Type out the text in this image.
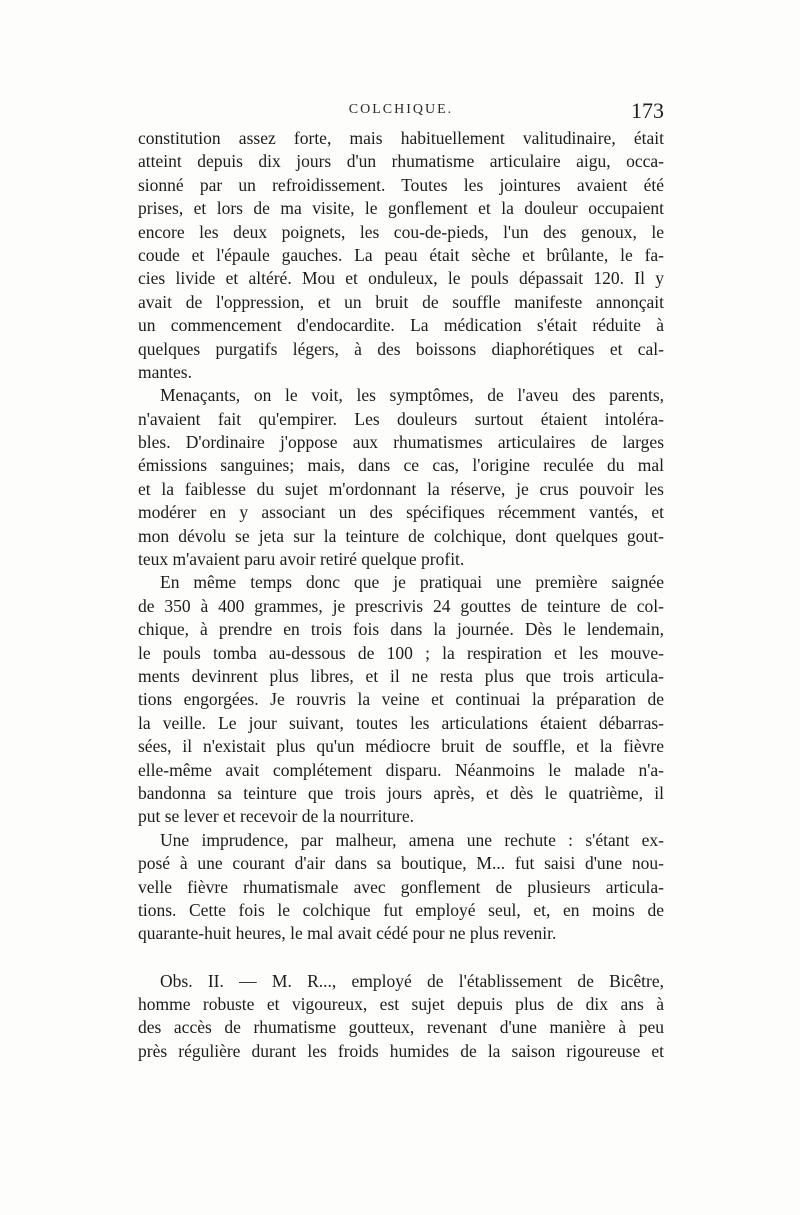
COLCHIQUE.	173
constitution assez forte, mais habituellement valitudinaire, était
atteint depuis dix jours d'un rhumatisme articulaire aigu, occa-
sionné par un refroidissement. Toutes les jointures avaient été
prises, et lors de ma visite, le gonflement et la douleur occupaient
encore les deux poignets, les cou-de-pieds, l'un des genoux, le
coude et l'épaule gauches. La peau était sèche et brûlante, le fa-
cies livide et altéré. Mou et onduleux, le pouls dépassait 120. Il y
avait de l'oppression, et un bruit de souffle manifeste annonçait
un commencement d'endocardite. La médication s'était réduite à
quelques purgatifs légers, à des boissons diaphorétiques et cal-
mantes.
Menaçants, on le voit, les symptômes, de l'aveu des parents,
n'avaient fait qu'empirer. Les douleurs surtout étaient intoléra-
bles. D'ordinaire j'oppose aux rhumatismes articulaires de larges
émissions sanguines; mais, dans ce cas, l'origine reculée du mal
et la faiblesse du sujet m'ordonnant la réserve, je crus pouvoir les
modérer en y associant un des spécifiques récemment vantés, et
mon dévolu se jeta sur la teinture de colchique, dont quelques gout-
teux m'avaient paru avoir retiré quelque profit.
En même temps donc que je pratiquai une première saignée
de 350 à 400 grammes, je prescrivis 24 gouttes de teinture de col-
chique, à prendre en trois fois dans la journée. Dès le lendemain,
le pouls tomba au-dessous de 100 ; la respiration et les mouve-
ments devinrent plus libres, et il ne resta plus que trois articula-
tions engorgées. Je rouvris la veine et continuai la préparation de
la veille. Le jour suivant, toutes les articulations étaient débarras-
sées, il n'existait plus qu'un médiocre bruit de souffle, et la fièvre
elle-même avait complétement disparu. Néanmoins le malade n'a-
bandonna sa teinture que trois jours après, et dès le quatrième, il
put se lever et recevoir de la nourriture.
Une imprudence, par malheur, amena une rechute : s'étant ex-
posé à une courant d'air dans sa boutique, M... fut saisi d'une nou-
velle fièvre rhumatismale avec gonflement de plusieurs articula-
tions. Cette fois le colchique fut employé seul, et, en moins de
quarante-huit heures, le mal avait cédé pour ne plus revenir.
Obs. II. — M. R..., employé de l'établissement de Bicêtre,
homme robuste et vigoureux, est sujet depuis plus de dix ans à
des accès de rhumatisme goutteux, revenant d'une manière à peu
près régulière durant les froids humides de la saison rigoureuse et
